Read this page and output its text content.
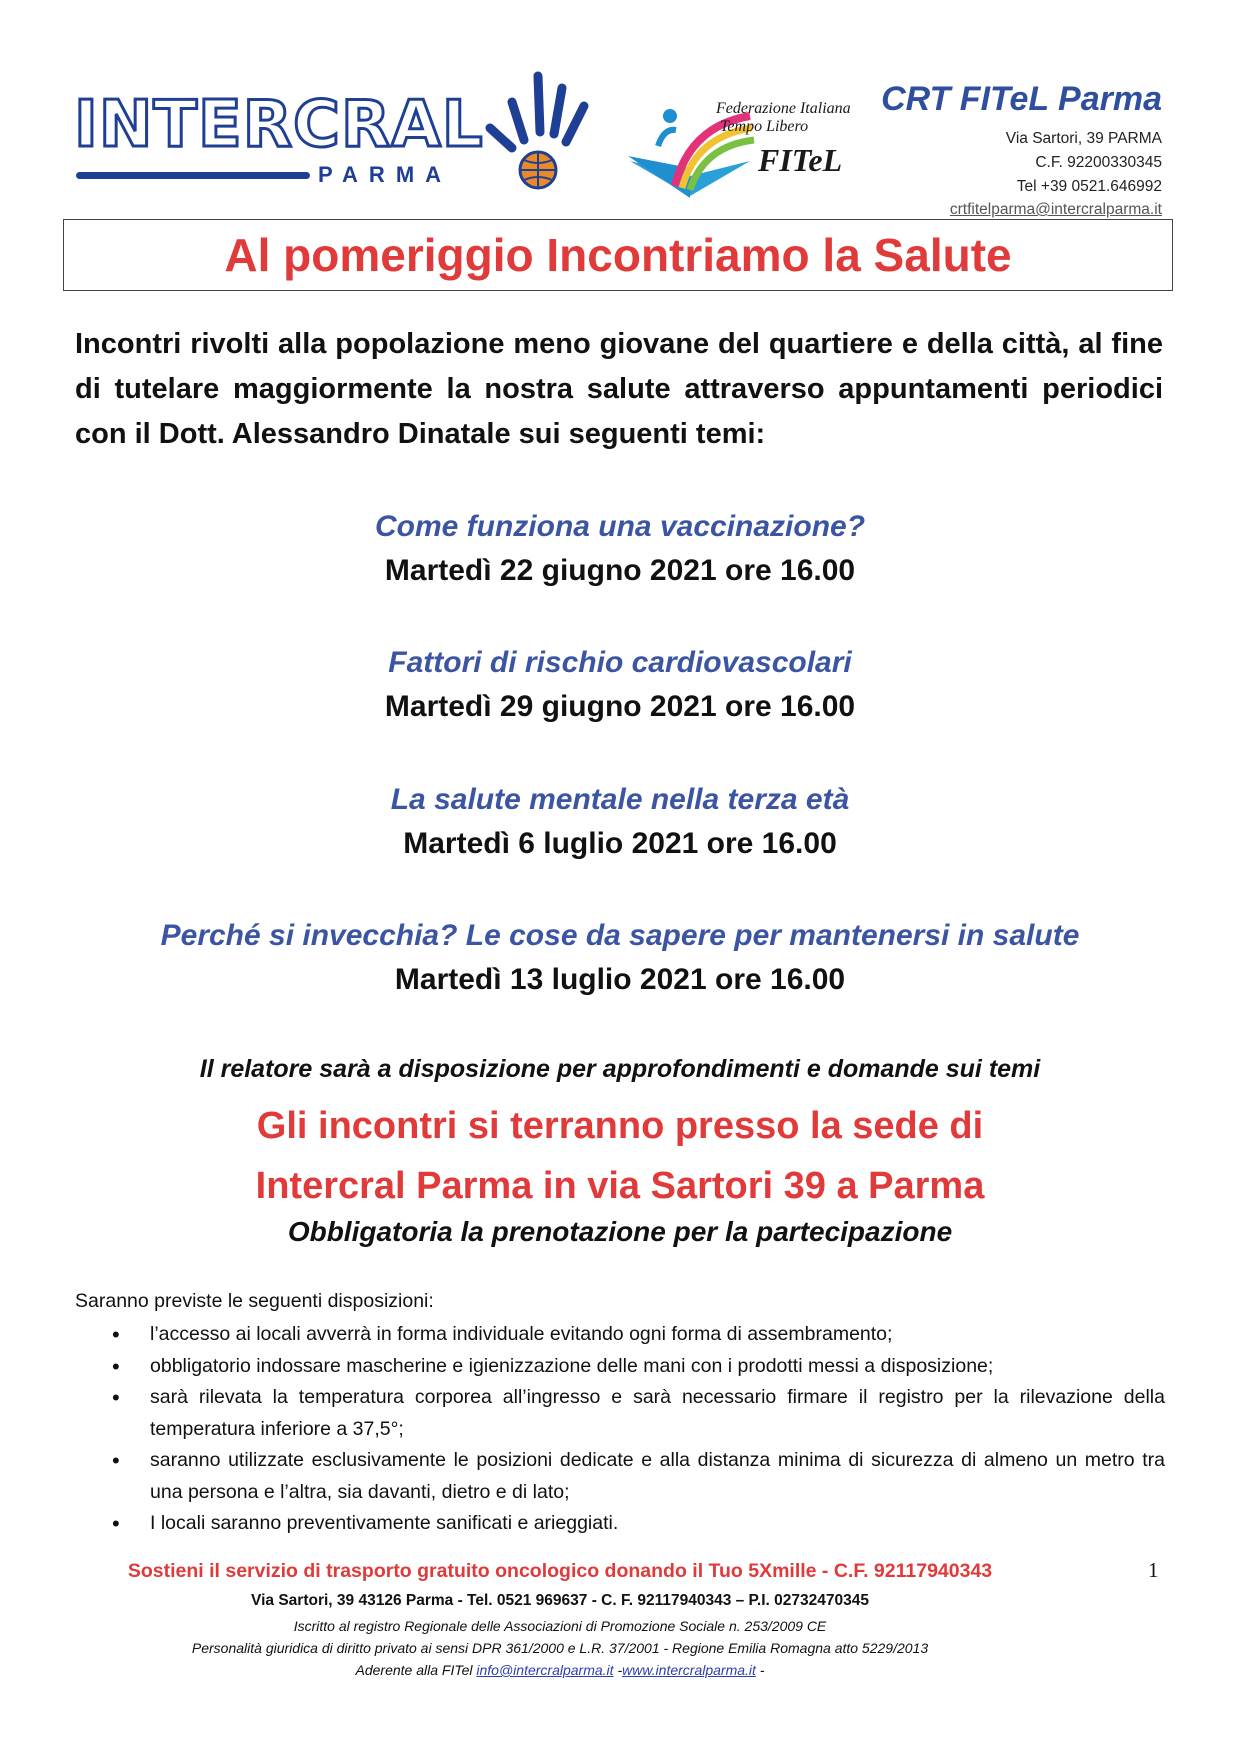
INTERCRAL
PARMA
Federazione Italiana
Tempo Libero
FITeL
CRT FITeL Parma
Via Sartori, 39 PARMA
C.F. 92200330345
Tel +39 0521.646992
crtfitelparma@intercralparma.it
Al pomeriggio Incontriamo la Salute
Incontri rivolti alla popolazione meno giovane del quartiere e della città, al fine di tutelare maggiormente la nostra salute attraverso appuntamenti periodici con il Dott. Alessandro Dinatale sui seguenti temi:
Come funziona una vaccinazione?
Martedì 22 giugno 2021 ore 16.00
Fattori di rischio cardiovascolari
Martedì 29 giugno 2021 ore 16.00
La salute mentale nella terza età
Martedì 6 luglio 2021 ore 16.00
Perché si invecchia? Le cose da sapere per mantenersi in salute
Martedì 13 luglio 2021 ore 16.00
Il relatore sarà a disposizione per approfondimenti e domande sui temi
Gli incontri si terranno presso la sede di
Intercral Parma in via Sartori 39 a Parma
Obbligatoria la prenotazione per la partecipazione
Saranno previste le seguenti disposizioni:
• l’accesso ai locali avverrà in forma individuale evitando ogni forma di assembramento;
• obbligatorio indossare mascherine e igienizzazione delle mani con i prodotti messi a disposizione;
• sarà rilevata la temperatura corporea all’ingresso e sarà necessario firmare il registro per la rilevazione della temperatura inferiore a 37,5°;
• saranno utilizzate esclusivamente le posizioni dedicate e alla distanza minima di sicurezza di almeno un metro tra una persona e l’altra, sia davanti, dietro e di lato;
• I locali saranno preventivamente sanificati e arieggiati.
Sostieni il servizio di trasporto gratuito oncologico donando il Tuo 5Xmille - C.F. 92117940343	1
Via Sartori, 39 43126 Parma - Tel. 0521 969637 - C. F. 92117940343 – P.I. 02732470345
Iscritto al registro Regionale delle Associazioni di Promozione Sociale n. 253/2009 CE
Personalità giuridica di diritto privato ai sensi DPR 361/2000 e L.R. 37/2001 - Regione Emilia Romagna atto 5229/2013
Aderente alla FITel info@intercralparma.it -www.intercralparma.it -
